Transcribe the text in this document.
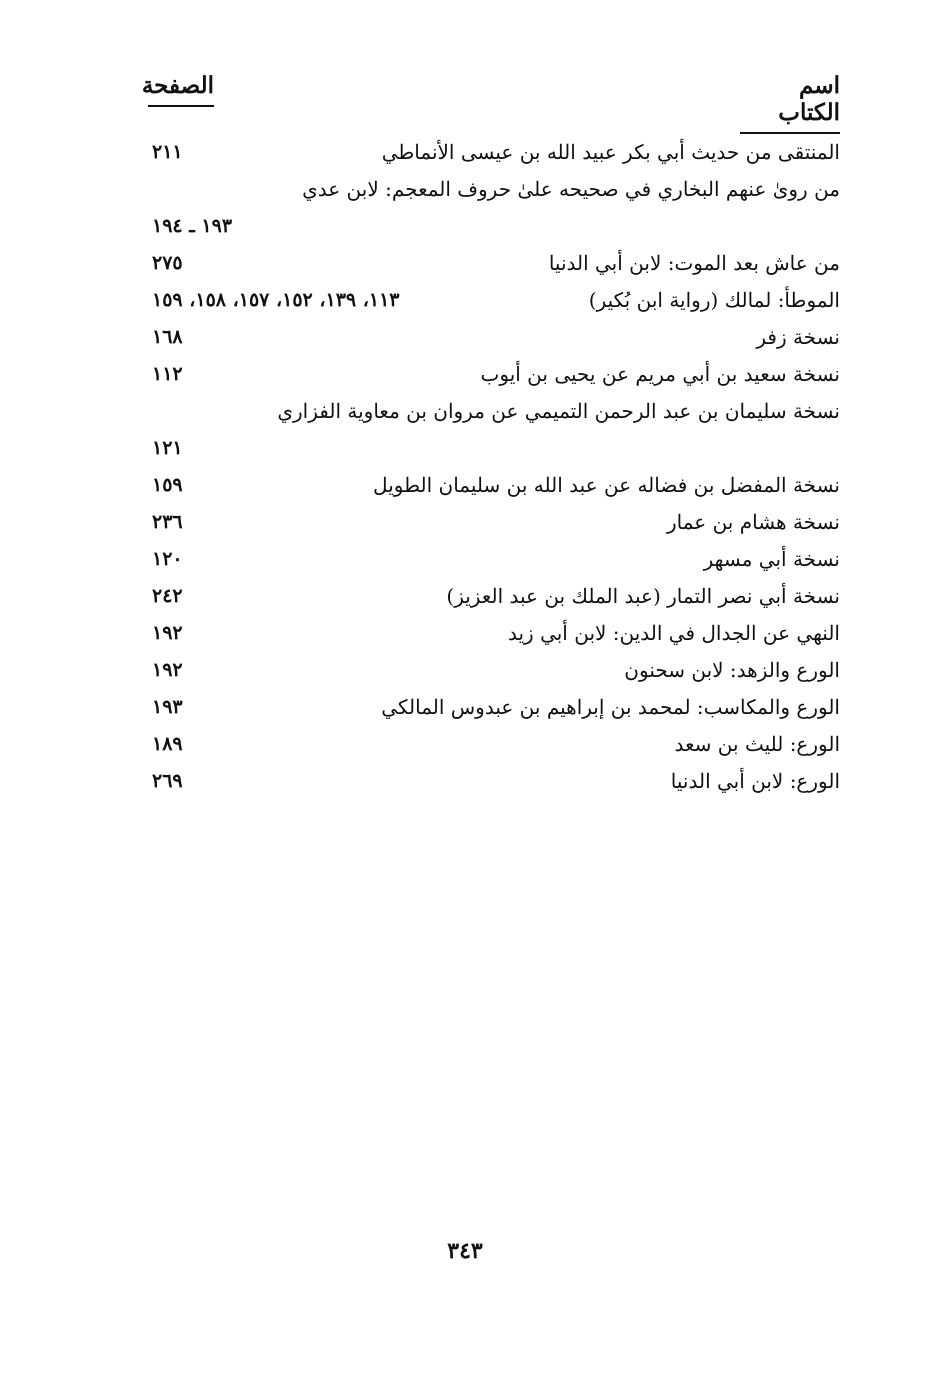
اسم الكتاب
الصفحة
المنتقى من حديث أبي بكر عبيد الله بن عيسى الأنماطي
٢١١
من روىٰ عنهم البخاري في صحيحه علىٰ حروف المعجم: لابن عدي
١٩٣ ـ ١٩٤
من عاش بعد الموت: لابن أبي الدنيا
٢٧٥
الموطأ: لمالك (رواية ابن بُكير)
١١٣، ١٣٩، ١٥٢، ١٥٧، ١٥٨، ١٥٩
نسخة زفر
١٦٨
نسخة سعيد بن أبي مريم عن يحيى بن أيوب
١١٢
نسخة سليمان بن عبد الرحمن التميمي عن مروان بن معاوية الفزاري
١٢١
نسخة المفضل بن فضاله عن عبد الله بن سليمان الطويل
١٥٩
نسخة هشام بن عمار
٢٣٦
نسخة أبي مسهر
١٢٠
نسخة أبي نصر التمار (عبد الملك بن عبد العزيز)
٢٤٢
النهي عن الجدال في الدين: لابن أبي زيد
١٩٢
الورع والزهد: لابن سحنون
١٩٢
الورع والمكاسب: لمحمد بن إبراهيم بن عبدوس المالكي
١٩٣
الورع: لليث بن سعد
١٨٩
الورع: لابن أبي الدنيا
٢٦٩
٣٤٣
